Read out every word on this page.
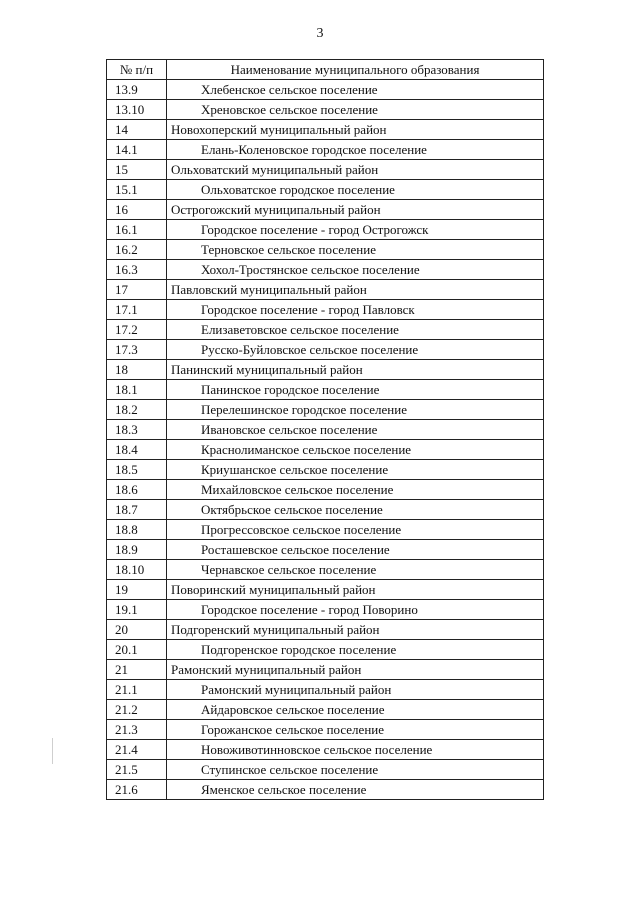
3
№ п/п	Наименование муниципального образования
13.9	Хлебенское сельское поселение
13.10	Хреновское сельское поселение
14	Новохоперский муниципальный район
14.1	Елань-Коленовское городское поселение
15	Ольховатский муниципальный район
15.1	Ольховатское городское поселение
16	Острогожский муниципальный район
16.1	Городское поселение - город Острогожск
16.2	Терновское сельское поселение
16.3	Хохол-Тростянское сельское поселение
17	Павловский муниципальный район
17.1	Городское поселение - город Павловск
17.2	Елизаветовское сельское поселение
17.3	Русско-Буйловское сельское поселение
18	Панинский муниципальный район
18.1	Панинское городское поселение
18.2	Перелешинское городское поселение
18.3	Ивановское сельское поселение
18.4	Краснолиманское сельское поселение
18.5	Криушанское сельское поселение
18.6	Михайловское сельское поселение
18.7	Октябрьское сельское поселение
18.8	Прогрессовское сельское поселение
18.9	Росташевское сельское поселение
18.10	Чернавское сельское поселение
19	Поворинский муниципальный район
19.1	Городское поселение - город Поворино
20	Подгоренский муниципальный район
20.1	Подгоренское городское поселение
21	Рамонский муниципальный район
21.1	Рамонский муниципальный район
21.2	Айдаровское сельское поселение
21.3	Горожанское сельское поселение
21.4	Новоживотинновское сельское поселение
21.5	Ступинское сельское поселение
21.6	Яменское сельское поселение
